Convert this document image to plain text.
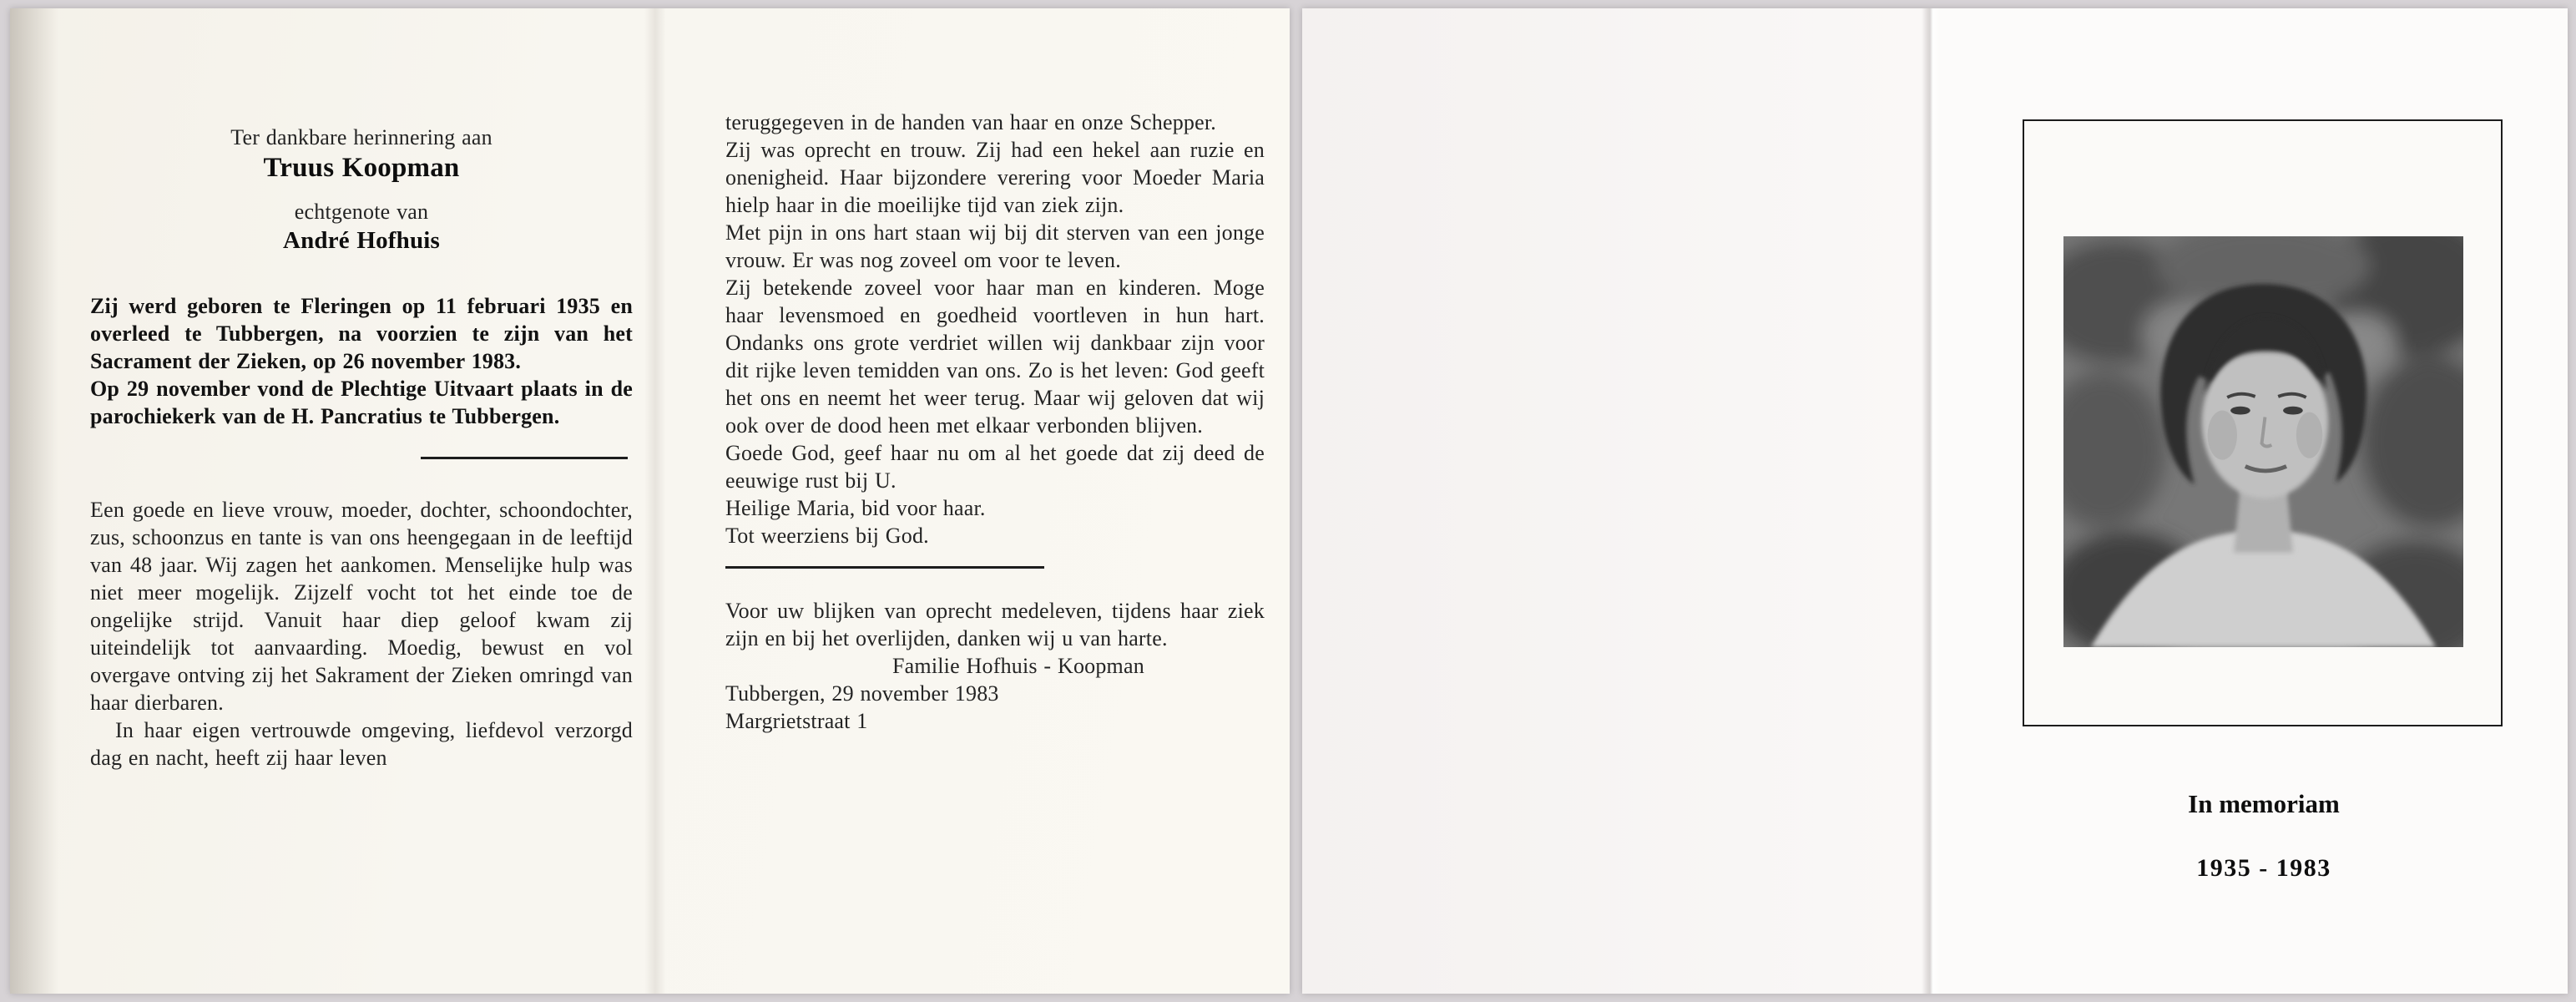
Ter dankbare herinnering aan

Truus Koopman

echtgenote van

André Hofhuis

Zij werd geboren te Fleringen op 11 februari 1935 en overleed te Tubbergen, na voorzien te zijn van het Sacrament der Zieken, op 26 november 1983.

Op 29 november vond de Plechtige Uitvaart plaats in de parochiekerk van de H. Pancratius te Tubbergen.

Een goede en lieve vrouw, moeder, dochter, schoondochter, zus, schoonzus en tante is van ons heengegaan in de leeftijd van 48 jaar. Wij zagen het aankomen. Menselijke hulp was niet meer mogelijk. Zijzelf vocht tot het einde toe de ongelijke strijd. Vanuit haar diep geloof kwam zij uiteindelijk tot aanvaarding. Moedig, bewust en vol overgave ontving zij het Sakrament der Zieken omringd van haar dierbaren.

In haar eigen vertrouwde omgeving, liefdevol verzorgd dag en nacht, heeft zij haar leven

teruggegeven in de handen van haar en onze Schepper.

Zij was oprecht en trouw. Zij had een hekel aan ruzie en onenigheid. Haar bijzondere verering voor Moeder Maria hielp haar in die moeilijke tijd van ziek zijn.

Met pijn in ons hart staan wij bij dit sterven van een jonge vrouw. Er was nog zoveel om voor te leven.

Zij betekende zoveel voor haar man en kinderen. Moge haar levensmoed en goedheid voortleven in hun hart. Ondanks ons grote verdriet willen wij dankbaar zijn voor dit rijke leven temidden van ons. Zo is het leven: God geeft het ons en neemt het weer terug. Maar wij geloven dat wij ook over de dood heen met elkaar verbonden blijven.

Goede God, geef haar nu om al het goede dat zij deed de eeuwige rust bij U.

Heilige Maria, bid voor haar.

Tot weerziens bij God.

Voor uw blijken van oprecht medeleven, tijdens haar ziek zijn en bij het overlijden, danken wij u van harte.

Familie Hofhuis - Koopman

Tubbergen, 29 november 1983

Margrietstraat 1

In memoriam

1935 - 1983
